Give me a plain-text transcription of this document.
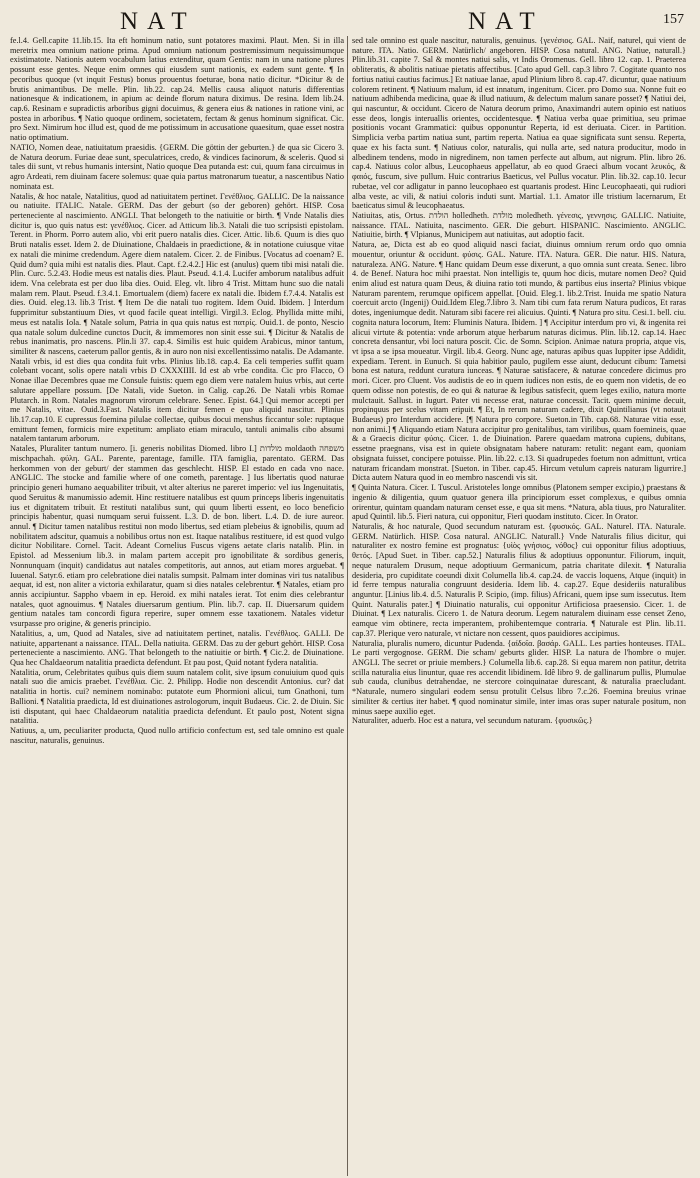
NAT	NAT	157

fe.l.4. Gell.capite 11.lib.15. Ita eft hominum natio, sunt potatores maximi. Plaut. Men. Si in illa meretrix mea omnium natione prima. Apud omnium nationum postremissimum nequissimumque existimatote. Nationis autem vocabulum latius extenditur, quam Gentis: nam in una natione plures possunt esse gentes. Neque enim omnes qui eiusdem sunt nationis, ex eadem sunt gente. ¶ In pecoribus quoque (vt inquit Festus) bonus prouentus foeturae, bona natio dicitur. *Dicitur & de brutis animantibus. De melle. Plin. lib.22. cap.24. Mellis causa aliquot naturis differentias nationesque & indicationem, in apium ac deinde florum natura diximus. De resina. Idem lib.24. cap.6. Resinam e supradictis arboribus gigni docuimus, & genera eius & nationes in ratione vini, ac postea in arboribus. ¶ Natio quoque ordinem, societatem, fectam & genus hominum significat. Cic. pro Sext. Nimirum hoc illud est, quod de me potissimum in accusatione quaesitum, quae esset nostra natio optimatium.

NATIO, Nomen deae, natiuitatum praesidis. {GERM. Die göttin der geburten.} de qua sic Cicero 3. de Natura deorum. Furiae deae sunt, speculatrices, credo, & vindices facinorum, & sceleris. Quod si tales dii sunt, vt rebus humanis intersint, Natio quoque Dea putanda est: cui, quum fana circuimus in agro Ardeati, rem diuinam facere solemus: quae quia partus matronarum tueatur, a nascentibus Natio nominata est.

Natalis, & hoc natale, Natalitius, quod ad natiuitatem pertinet. Γενέθλιος. GALLIC. De la naissance ou natiuite. ITALIC. Natale. GERM. Das der geburt (so der geboren) gehört. HISP. Cosa perteneciente al nascimiento. ANGLI. That belongeth to the natiuitie or birth. ¶ Vnde Natalis dies dicitur is, quo quis natus est: γενέθλιος. Cicer. ad Atticum lib.3. Natali die tuo scripsisti epistolam. Terent. in Phorm. Porro autem alio, vbi erit puero natalis dies. Cicer. Attic. lib.6. Quum is dies quo Bruti natalis esset. Idem 2. de Diuinatione, Chaldaeis in praedictione, & in notatione cuiusque vitae ex natali die minime credendum. Agere diem natalem. Cicer. 2. de Finibus. [Vocatus ad coenam? E. Quid dum? quia mihi est natalis dies. Plaut. Capt. f.2.4.2.] Hic est (anulus) quem tibi misi natali die. Plin. Curc. 5.2.43. Hodie meus est natalis dies. Plaut. Pseud. 4.1.4. Lucifer amborum natalibus adfuit idem. Vna celebrata est per duo liba dies. Ouid. Eleg. vlt. libro 4 Trist. Mittam hunc suo die natali malam rem. Plaut. Pseud. f.3.4.1. Emortualem (diem) facere ex natali die. Ibidem f.7.4.4. Natalis est dies. Ouid. eleg.13. lib.3 Trist. ¶ Item De die natali tuo rogitem. Idem Ouid. Ibidem. ] Interdum fupprimitur substantiuum Dies, vt quod facile queat intelligi. Virgil.3. Eclog. Phyllida mitte mihi, meus est natalis Iola. ¶ Natale solum, Patria in qua quis natus est πατρίς. Ouid.1. de ponto, Nescio qua natale solum dulcedine cunctos Ducit, & immemores non sinit esse sui. ¶ Dicitur & Natalis de rebus inanimatis, pro nascens. Plin.li 37. cap.4. Similis est huic quidem Arabicus, minor tantum, similiter & nascens, caeterum pallor gentis, & in auro non nisi excellentissimo natalis. De Adamante. Natali vrbis, id est dies qua condita fuit vrbs. Plinius lib.18. cap.4. Ea celi temperies suffit quam colebant vocant, solis opere natali vrbis D CXXXIIII. Id est ab vrbe condita. Cic pro Flacco, O Nonae illae Decembres quae me Consule fuistis: quem ego diem vere natalem huius vrbis, aut certe salutare appellare possum. [De Natali, vide Sueton. in Calig. cap.26. De Natali vrbis Romae Plutarch. in Rom. Natales magnorum virorum celebrare. Senec. Epist. 64.] Qui memor accepti per me Natalis, vitae. Ouid.3.Fast. Natalis item dicitur femen e quo aliquid nascitur. Plinius lib.17.cap.10. E cupressus foemina pilulae collectae, quibus docui menshus ficcantur sole: ruptaque emittunt femen, formicis mire expetitum: ampliato etiam miraculo, tantuli animalis cibo absumi natalem tantarum arborum.

Natales, Pluraliter tantum numero. [i. generis nobilitas Diomed. libro I.] מולדות moldaoth משפחה mischpachah. φύλη. GAL. Parente, parentage, famille. ITA famiglia, parentato. GERM. Das herkommen von der geburt/ der stammen das geschlecht. HISP. El estado en cada vno nace. ANGLIC. The stocke and familie where of one cometh, parentage. ] Ius libertatis quod naturae principio generi humano aequabiliter tribuit, vt alter alterius ne pareret imperio: vel ius Ingenuitatis, quod Seruitus & manumissio ademit. Hinc restituere natalibus est quum princeps liberis ingenuitatis ius et dignitatem tribuit. Et restituti natalibus sunt, qui quum liberti essent, eo loco beneficio principis habentur, quasi numquam serui fuissent. L.3. D. de bon. libert. L.4. D. de iure aureor. annul. ¶ Dicitur tamen natalibus restitui non modo libertus, sed etiam plebeius & ignobilis, quum ad nobilitatem adscitur, quamuis a nobilibus ortus non est. Itaque natalibus restituere, id est quod vulgo dicitur Nobilitare. Cornel. Tacit. Adeant Cornelius Fuscus vigens aetate claris natalib. Plin. in Epistol. ad Messenium lib.3. in malam partem accepit pro ignobilitate & sordibus generis, Nonnunquam (inquit) candidatus aut natales competitoris, aut annos, aut etiam mores arguebat. ¶ Iuuenal. Satyr.6. etiam pro celebratione diei natalis sumpsit. Palmam inter dominas viri tus natalibus aequat, id est, non aliter a victoria exhilaratur, quam si dies natales celebrentur. ¶ Natales, etiam pro annis accipiuntur. Sappho vbaem in ep. Heroid. ex mihi natales ierat. Tot enim dies celebrantur natales, quot agnouimus. ¶ Natales diuersarum gentium. Plin. lib.7. cap. II. Diuersarum quidem gentium natales tam concordi figura reperire, super omnem esse taxationem. Natales videtur vsurpasse pro origine, & generis principio.

Natalitius, a, um, Quod ad Natales, sive ad natiuitatem pertinet, natalis. Γενέθλιος. GALLI. De natiuite, appartenant a naissance. ITAL. Della natiuita. GERM. Das zu der geburt gehört. HISP. Cosa perteneciente a nascimiento. ANG. That belongeth to the natiuitie or birth. ¶ Cic.2. de Diuinatione. Qua hec Chaldaeorum natalitia praedicta defendunt. Et pau post, Quid notant fydera natalitia.

Natalitia, orum, Celebritates quibus quis diem suum natalem colit, sive ipsum conuiuium quod quis natali suo die amicis praebet. Γενέθλια. Cic. 2. Philipp. Hodie non descendit Antonius. cur? dat natalitia in hortis. cui? neminem nominabo: putatote eum Phormioni alicui, tum Gnathoni, tum Ballioni. ¶ Natalitia praedicta, Id est diuinationes astrologorum, inquit Budaeus. Cic. 2. de Diuin. Sic isti disputant, qui haec Chaldaeorum natalitia praedicta defendunt. Et paulo post, Notent signa natalitia.

Natiuus, a, um, peculiariter producta, Quod nullo artificio confectum est, sed tale omnino est quale nascitur, naturalis, genuinus.

sed tale omnino est quale nascitur, naturalis, genuinus. {γενέσιος. GAL. Naif, naturel, qui vient de nature. ITA. Natio. GERM. Natürlich/ angeboren. HISP. Cosa natural. ANG. Natiue, naturall.} Plin.lib.31. capite 7. Sal & montes natiui salis, vt Indis Oromenus. Gell. libro 12. cap. 1. Praeterea obliteratis, & abolitis natiuae pietatis affectibus. [Cato apud Gell. cap.3 libro 7. Cogitate quanto nos fortius natiui cautius facimus.] Et natiuae lanae, apud Plinium libro 8. cap.47. dicuntur, quae natiuum colorem retinent. ¶ Natiuum malum, id est innatum, ingenitum. Cicer. pro Domo sua. Nonne fuit eo natiuum adhibenda medicina, quae & illud natiuum, & delectum malum sanare posset? ¶ Natiui dei, qui nascuntur, & occidunt. Cicero de Natura deorum primo, Anaximandri autem opinio est natiuos esse deos, longis interuallis orientes, occidentesque. ¶ Natiua verba quae primitiua, seu primae positionis vocant Grammatici: quibus opponuntur Reperta, id est deriuata. Cicer. in Partition. Simplicia verba partim natiua sunt, partim reperta. Natiua ea quae significata sunt sensu. Reperta, quae ex his facta sunt. ¶ Natiuus color, naturalis, qui nulla arte, sed natura producitur, modo in albedinem tendens, modo in nigredinem, non tamen perfecte aut album, aut nigrum. Plin. libro 26. cap.4. Natiuus color albus, Leucophaeus appellatur, ab eo quod Graeci album vocant λευκός, & φαιός, fuscum, sive pullum. Huic contrarius Baeticus, vel Pullus vocatur. Plin. lib.32. cap.10. Iecur rubetae, vel cor adligatur in panno leucophaeo est quartanis prodest. Hinc Leucophaeati, qui rudiori alba veste, ac vili, & natiui coloris induti sunt. Martial. 1.1. Amator ille tristium lacernarum, Et baeticatus simul & leucophaeatus.

Natiuitas, atis, Ortus. הולדת holledheth. מולדת moledheth. γένεσις, γεννησις. GALLIC. Natiuite, naissance. ITAL. Natiuita, nascimento. GER. Die geburt. HISPANIC. Nascimiento. ANGLIC. Natiuitie, birth. ¶ Vlpianus, Municipem aut natiuitas, aut adoptio facit.

Natura, ae, Dicta est ab eo quod aliquid nasci faciat, diuinus omnium rerum ordo quo omnia mouentur, oriuntur & occidunt. φύσις. GAL. Nature. ITA. Natura. GER. Die natur. HIS. Natura, naturaleza. ANG. Nature. ¶ Hanc quidam Deum esse dixerunt, a quo omnia sunt creata. Senec. libro 4. de Benef. Natura hoc mihi praestat. Non intelligis te, quum hoc dicis, mutare nomen Deo? Quid enim aliud est natura quam Deus, & diuina ratio toti mundo, & partibus eius inserta? Plinius vbique Naturam parentem, rerumque opificem appellat. [Ouid. Eleg.1. lib.2.Trist. Inuida me spatio Natura coercuit arcto (Ingenij) Ouid.Idem Eleg.7.libro 3. Nam tibi cum fata rerum Natura pudicos, Et raras dotes, ingeniumque dedit. Naturam sibi facere rei alicuius. Quinti. ¶ Natura pro situ. Cesi.1. bell. ciu. cognita natura locorum, Item: Fluminis Natura. Ibidem. ] ¶ Accipitur interdum pro vi, & ingenita rei alicui virtute & potentia: vnde arborum atque herbarum naturas dicimus. Plin. lib.12. cap.14. Haec concreta densantur, vbi loci natura poscit. Cic. de Somn. Scipion. Animae natura propria, atque vis, vt ipsa a se ipsa moueatur. Virgil. lib.4. Georg. Nunc age, naturas apibus quas Iuppiter ipse Addidit, expediam. Terent. in Eunuch. Si quia habitior paulo, pugilem esse aiunt, deducunt cibum: Tametsi bona est natura, reddunt curatura iunceas. ¶ Naturae satisfacere, & naturae concedere dicimus pro mori. Cicer. pro Cluent. Vos audistis de eo in quem iudices non estis, de eo quem non videtis, de eo quem odisse non potestis, de eo qui & naturae & legibus satisfecit, quem leges exilio, natura morte mulctauit. Sallust. in Iugurt. Pater vti necesse erat, naturae concessit. Tacit. quem minime decuit, propinquus per scelus vitam eripuit. ¶ Et, In rerum naturam cadere, dixit Quintilianus (vt notauit Budaeus) pro Interdum accidere. [¶ Natura pro corpore. Sueton.in Tib. cap.68. Naturae vitia esse, non animi.] ¶ Aliquando etiam Natura accipitur pro genitalibus, tam virilibus, quam foemineis, quae & a Graecis dicitur φύσις. Cicer. 1. de Diuination. Parere quaedam matrona cupiens, dubitans, essetne praegnans, visa est in quiete obsignatam habere naturam: retulit: negant eam, quoniam obsignata fuisset, concipere potuisse. Plin. lib.22. c.13. Si quadrupedes foetum non admittunt, vrtica naturam fricandam monstrat. [Sueton. in Tiber. cap.45. Hircum vetulum capreis naturam ligurrire.] Dicta autem Natura quod in eo membro nascendi vis sit.

¶ Quinta Natura. Cicer. I. Tuscul. Aristoteles longe omnibus (Platonem semper excipio,) praestans & ingenio & diligentia, quum quatuor genera illa principiorum esset complexus, e quibus omnia orirentur, quintam quandam naturam censet esse, e qua sit mens. *Natura, abla tiuus, pro Naturaliter. apud Quintil. lib.5. Fieri natura, cui opponitur, Fieri quodam instituto. Cicer. In Orator.

Naturalis, & hoc naturale, Quod secundum naturam est. {φυσικός. GAL. Naturel. ITA. Naturale. GERM. Natürlich. HISP. Cosa natural. ANGLIC. Naturall.} Vnde Naturalis filius dicitur, qui naturaliter ex nostro femine est prognatus: {υἱὸς γνήσιος, νόθος} cui opponitur filius adoptiuus, θετός. [Apud Suet. in Tiber. cap.52.] Naturalis filius & adoptiuus opponuntur. Filiorum, inquit, neque naturalem Drusum, neque adoptiuum Germanicum, patria charitate dilexit. ¶ Naturalia desideria, pro cupiditate coeundi dixit Columella lib.4. cap.24. de vaccis loquens, Atque (inquit) in id ferre tempus naturalia congruunt desideria. Idem lib. 4. cap.27. Eque desideriis naturalibus anguntur. [Linius lib.4. d.5. Naturalis P. Scipio, (imp. filius) Africani, quem ipse sum issecutus. Item Quint. Naturalis pater.] ¶ Diuinatio naturalis, cui opponitur Artificiosa praesensio. Cicer. 1. de Diuinat. ¶ Lex naturalis. Cicero 1. de Natura deorum. Legem naturalem diuinam esse censet Zeno, eamque vim obtinere, recta imperantem, prohibentemque contraria. ¶ Naturale est Plin. lib.11. cap.37. Plerique vero naturale, vt nictare non cessent, quos pauidiores accipimus.

Naturalia, pluralis numero, dicuntur Pudenda. {αἰδοῖα. βασάρ. GALL. Les parties honteuses. ITAL. Le parti vergognose. GERM. Die scham/ geburts glider. HISP. La natura de l'hombre o mujer. ANGLI. The secret or priuie members.} Columella lib.6. cap.28. Si equa marem non patitur, detrita scilla naturalia eius linuntur, quae res accendit libidinem. Idê libro 9. de gallinarum pullis, Plumulae sub cauda, clunibus detrahendae, ne stercore coinquinatae durescant, & naturalia praecludant. *Naturale, numero singulari eodem sensu protulit Celsus libro 7.c.26. Foemina breuius vrinae similiter & certius iter habet. ¶ quod nominatur simile, inter imas oras super naturale positum, non minus saepe auxilio eget.

Naturaliter, aduerb. Hoc est a natura, vel secundum naturam. {φυσικῶς.}
